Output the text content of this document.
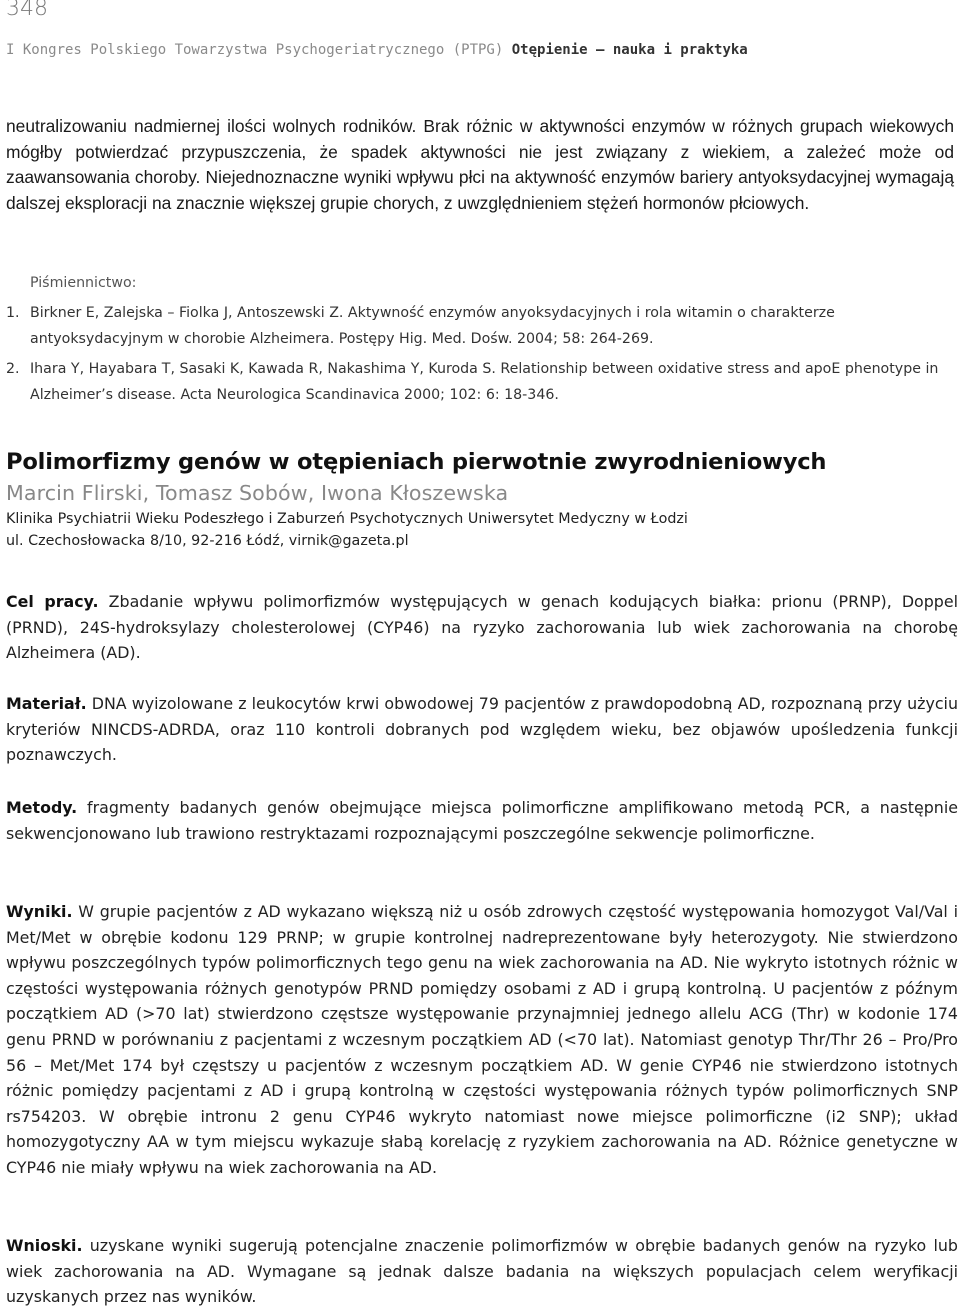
348
I Kongres Polskiego Towarzystwa Psychogeriatrycznego (PTPG) Otępienie – nauka i praktyka

neutralizowaniu nadmiernej ilości wolnych rodników. Brak różnic w aktywności enzymów w różnych grupach wiekowych mógłby potwierdzać przypuszczenia, że spadek aktywności nie jest związany z wiekiem, a zależeć może od zaawansowania choroby. Niejednoznaczne wyniki wpływu płci na aktywność enzymów bariery antyoksydacyjnej wymagają dalszej eksploracji na znacznie większej grupie chorych, z uwzględnieniem stężeń hormonów płciowych.

Piśmiennictwo:

1. Birkner E, Zalejska – Fiolka J, Antoszewski Z. Aktywność enzymów anyoksydacyjnych i rola witamin o charakterze antyoksydacyjnym w chorobie Alzheimera. Postępy Hig. Med. Dośw. 2004; 58: 264-269.

2. Ihara Y, Hayabara T, Sasaki K, Kawada R, Nakashima Y, Kuroda S. Relationship between oxidative stress and apoE phenotype in Alzheimer’s disease. Acta Neurologica Scandinavica 2000; 102: 6: 18-346.

Polimorfizmy genów w otępieniach pierwotnie zwyrodnieniowych

Marcin Flirski, Tomasz Sobów, Iwona Kłoszewska

Klinika Psychiatrii Wieku Podeszłego i Zaburzeń Psychotycznych Uniwersytet Medyczny w Łodzi

ul. Czechosłowacka 8/10, 92-216 Łódź, virnik@gazeta.pl

Cel pracy. Zbadanie wpływu polimorfizmów występujących w genach kodujących białka: prionu (PRNP), Doppel (PRND), 24S-hydroksylazy cholesterolowej (CYP46) na ryzyko zachorowania lub wiek zachorowania na chorobę Alzheimera (AD).

Materiał. DNA wyizolowane z leukocytów krwi obwodowej 79 pacjentów z prawdopodobną AD, rozpoznaną przy użyciu kryteriów NINCDS-ADRDA, oraz 110 kontroli dobranych pod względem wieku, bez objawów upośledzenia funkcji poznawczych.

Metody. fragmenty badanych genów obejmujące miejsca polimorficzne amplifikowano metodą PCR, a następnie sekwencjonowano lub trawiono restryktazami rozpoznającymi poszczególne sekwencje polimorficzne.

Wyniki. W grupie pacjentów z AD wykazano większą niż u osób zdrowych częstość występowania homozygot Val/Val i Met/Met w obrębie kodonu 129 PRNP; w grupie kontrolnej nadreprezentowane były heterozygoty. Nie stwierdzono wpływu poszczególnych typów polimorficznych tego genu na wiek zachorowania na AD. Nie wykryto istotnych różnic w częstości występowania różnych genotypów PRND pomiędzy osobami z AD i grupą kontrolną. U pacjentów z późnym początkiem AD (>70 lat) stwierdzono częstsze występowanie przynajmniej jednego allelu ACG (Thr) w kodonie 174 genu PRND w porównaniu z pacjentami z wczesnym początkiem AD (<70 lat). Natomiast genotyp Thr/Thr 26 – Pro/Pro 56 – Met/Met 174 był częstszy u pacjentów z wczesnym początkiem AD. W genie CYP46 nie stwierdzono istotnych różnic pomiędzy pacjentami z AD i grupą kontrolną w częstości występowania różnych typów polimorficznych SNP rs754203. W obrębie intronu 2 genu CYP46 wykryto natomiast nowe miejsce polimorficzne (i2 SNP); układ homozygotyczny AA w tym miejscu wykazuje słabą korelację z ryzykiem zachorowania na AD. Różnice genetyczne w CYP46 nie miały wpływu na wiek zachorowania na AD.

Wnioski. uzyskane wyniki sugerują potencjalne znaczenie polimorfizmów w obrębie badanych genów na ryzyko lub wiek zachorowania na AD. Wymagane są jednak dalsze badania na większych populacjach celem weryfikacji uzyskanych przez nas wyników.
